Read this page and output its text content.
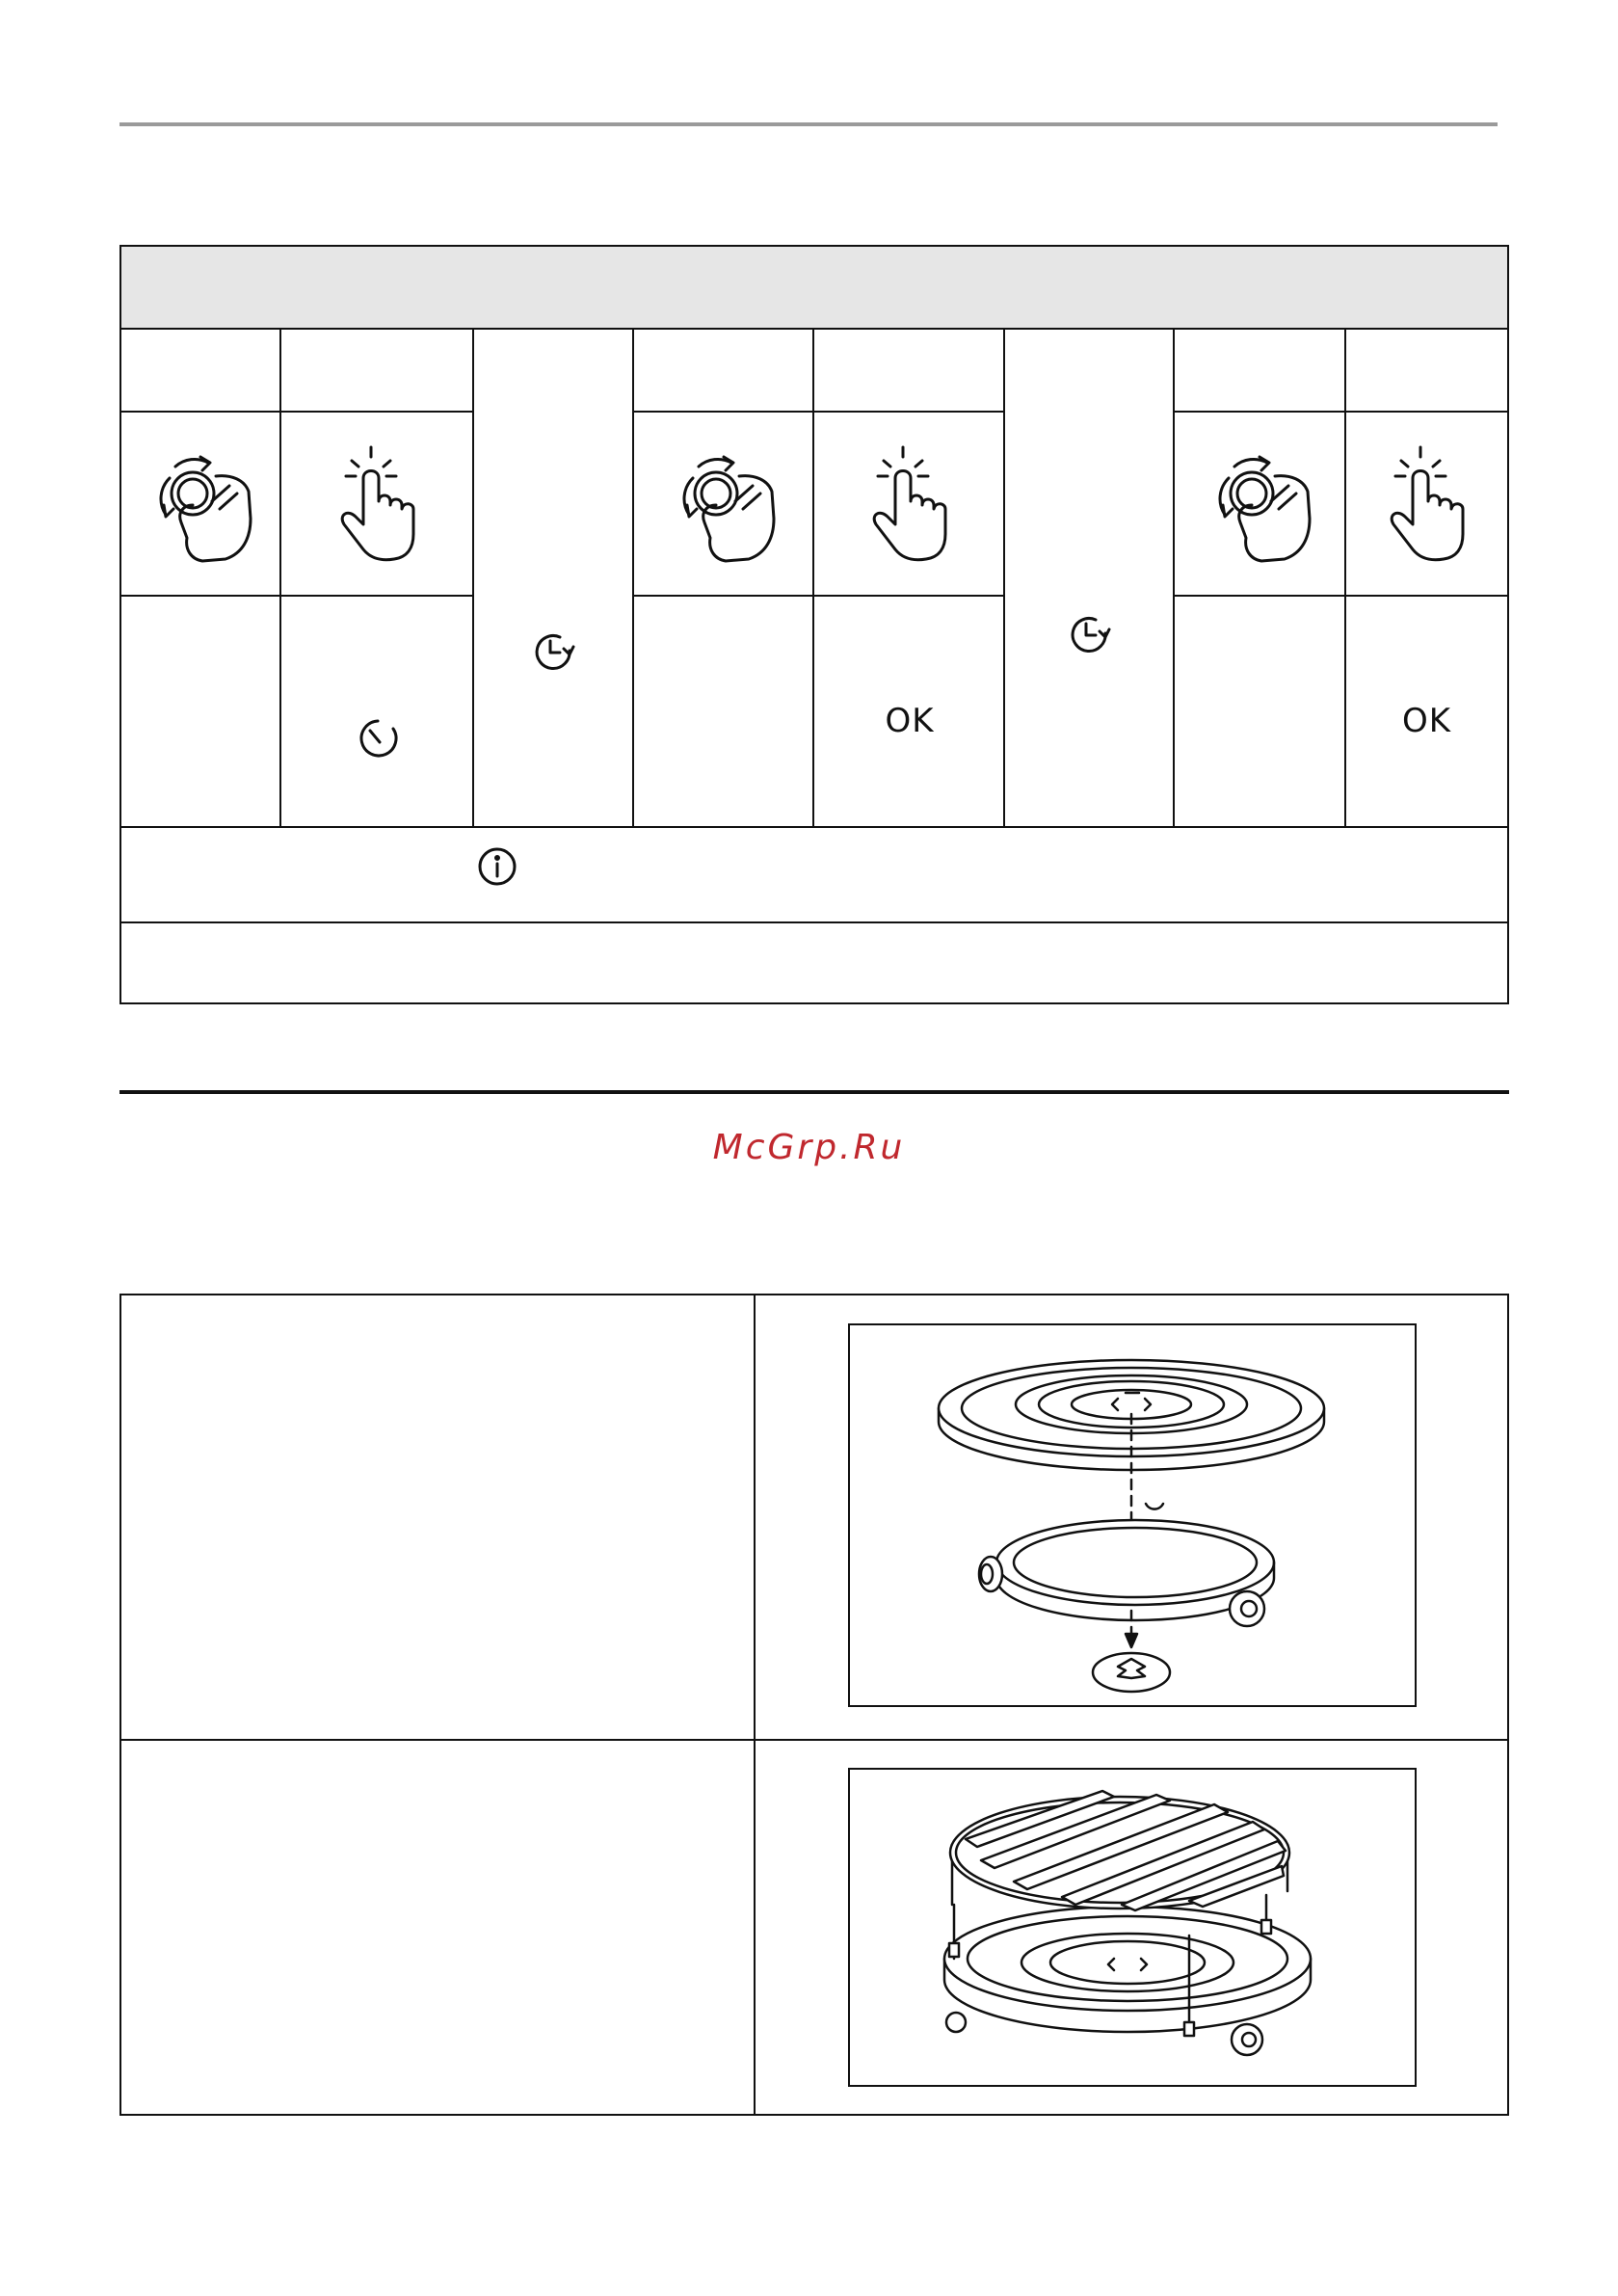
OK	OK
McGrp.Ru
